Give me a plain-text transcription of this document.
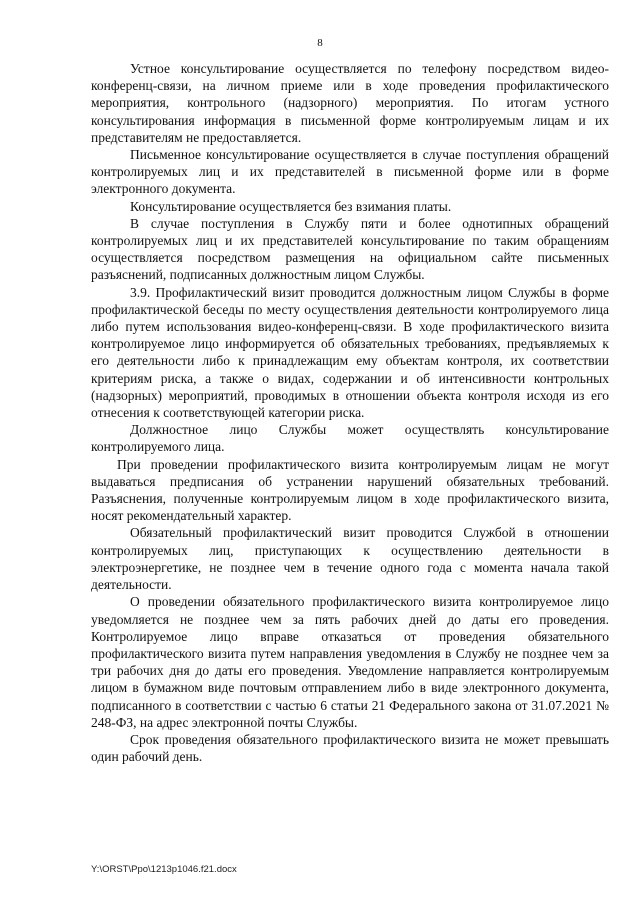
8

Устное консультирование осуществляется по телефону посредством видео-конференц-связи, на личном приеме или в ходе проведения профилактического мероприятия, контрольного (надзорного) мероприятия. По итогам устного консультирования информация в письменной форме контролируемым лицам и их представителям не предоставляется.

Письменное консультирование осуществляется в случае поступления обращений контролируемых лиц и их представителей в письменной форме или в форме электронного документа.

Консультирование осуществляется без взимания платы.

В случае поступления в Службу пяти и более однотипных обращений контролируемых лиц и их представителей консультирование по таким обращениям осуществляется посредством размещения на официальном сайте письменных разъяснений, подписанных должностным лицом Службы.

3.9. Профилактический визит проводится должностным лицом Службы в форме профилактической беседы по месту осуществления деятельности контролируемого лица либо путем использования видео-конференц-связи. В ходе профилактического визита контролируемое лицо информируется об обязательных требованиях, предъявляемых к его деятельности либо к принадлежащим ему объектам контроля, их соответствии критериям риска, а также о видах, содержании и об интенсивности контрольных (надзорных) мероприятий, проводимых в отношении объекта контроля исходя из его отнесения к соответствующей категории риска.

Должностное лицо Службы может осуществлять консультирование контролируемого лица.

При проведении профилактического визита контролируемым лицам не могут выдаваться предписания об устранении нарушений обязательных требований. Разъяснения, полученные контролируемым лицом в ходе профилактического визита, носят рекомендательный характер.

Обязательный профилактический визит проводится Службой в отношении контролируемых лиц, приступающих к осуществлению деятельности в электроэнергетике, не позднее чем в течение одного года с момента начала такой деятельности.

О проведении обязательного профилактического визита контролируемое лицо уведомляется не позднее чем за пять рабочих дней до даты его проведения. Контролируемое лицо вправе отказаться от проведения обязательного профилактического визита путем направления уведомления в Службу не позднее чем за три рабочих дня до даты его проведения. Уведомление направляется контролируемым лицом в бумажном виде почтовым отправлением либо в виде электронного документа, подписанного в соответствии с частью 6 статьи 21 Федерального закона от 31.07.2021 № 248-ФЗ, на адрес электронной почты Службы.

Срок проведения обязательного профилактического визита не может превышать один рабочий день.

Y:\ORST\Ppo\1213p1046.f21.docx
